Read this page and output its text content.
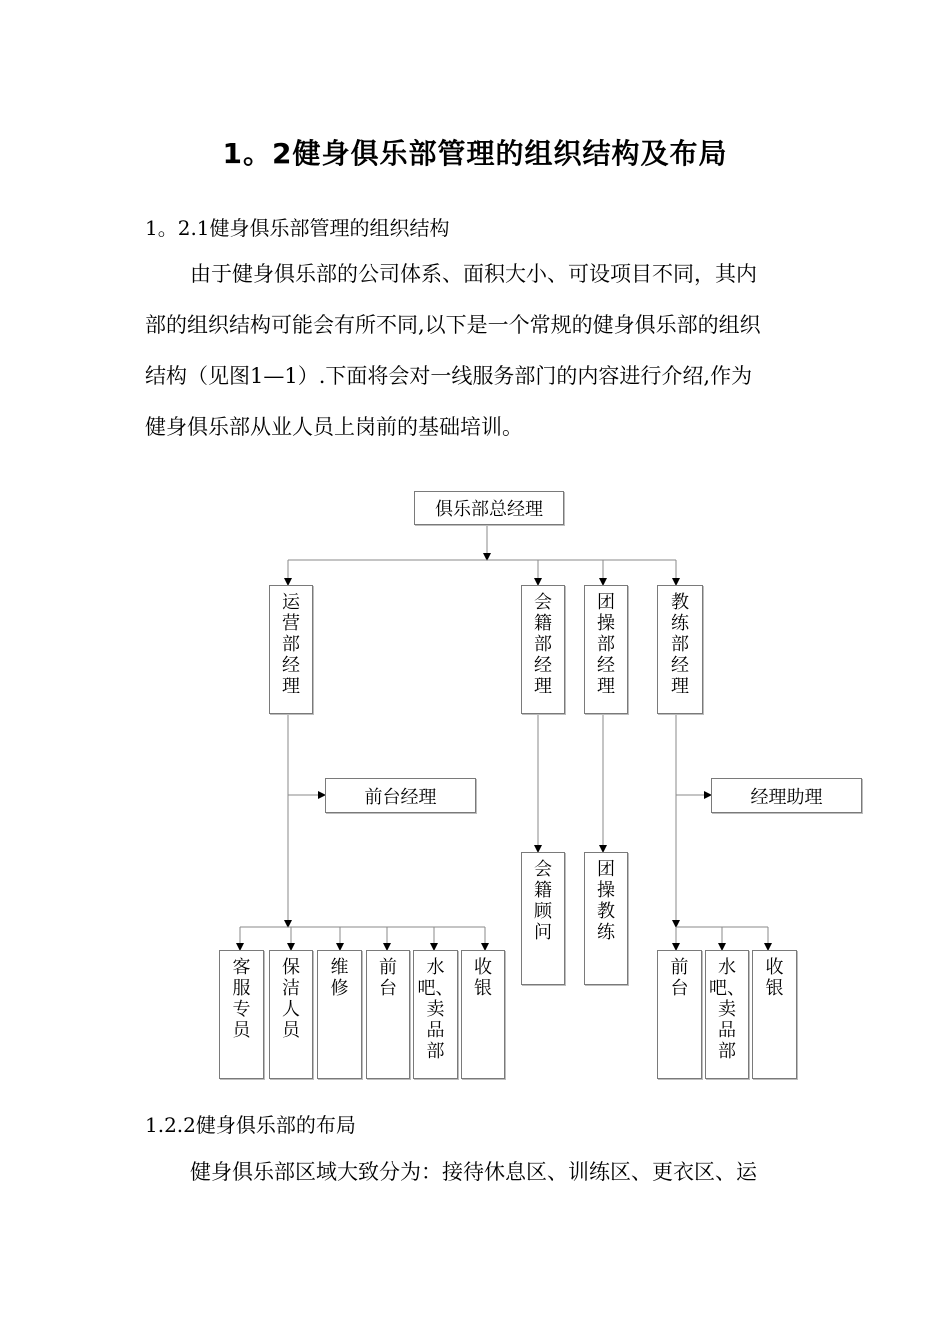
1。2健身俱乐部管理的组织结构及布局
1。2.1健身俱乐部管理的组织结构
由于健身俱乐部的公司体系、面积大小、可设项目不同，其内
部的组织结构可能会有所不同,以下是一个常规的健身俱乐部的组织
结构（见图1—1）.下面将会对一线服务部门的内容进行介绍,作为
健身俱乐部从业人员上岗前的基础培训。
俱乐部总经理
运
营
部
经
理
会
籍
部
经
理
团
操
部
经
理
教
练
部
经
理
前台经理	经理助理
会
籍
顾
问
团
操
教
练
客
服
专
员
保
洁
人
员
维
修
前
台
水
吧、
卖
品
部
收
银
前
台
水
吧、
卖
品
部
收
银
1.2.2健身俱乐部的布局
健身俱乐部区域大致分为：接待休息区、训练区、更衣区、运
